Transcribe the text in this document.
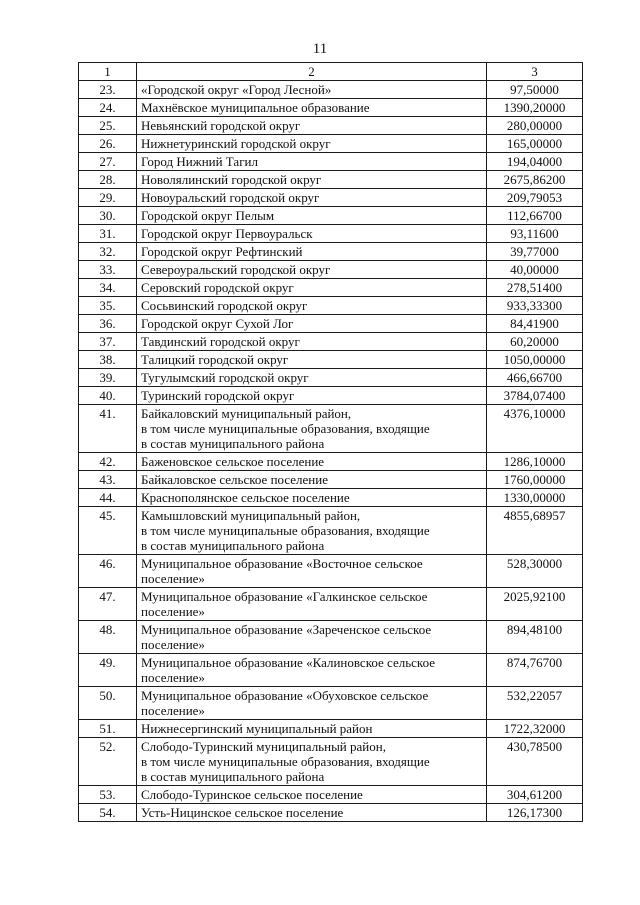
11
1	2	3
23.	«Городской округ «Город Лесной»	97,50000
24.	Махнёвское муниципальное образование	1390,20000
25.	Невьянский городской округ	280,00000
26.	Нижнетуринский городской округ	165,00000
27.	Город Нижний Тагил	194,04000
28.	Новолялинский городской округ	2675,86200
29.	Новоуральский городской округ	209,79053
30.	Городской округ Пелым	112,66700
31.	Городской округ Первоуральск	93,11600
32.	Городской округ Рефтинский	39,77000
33.	Североуральский городской округ	40,00000
34.	Серовский городской округ	278,51400
35.	Сосьвинский городской округ	933,33300
36.	Городской округ Сухой Лог	84,41900
37.	Тавдинский городской округ	60,20000
38.	Талицкий городской округ	1050,00000
39.	Тугулымский городской округ	466,66700
40.	Туринский городской округ	3784,07400
41.	Байкаловский муниципальный район,
в том числе муниципальные образования, входящие
в состав муниципального района	4376,10000
42.	Баженовское сельское поселение	1286,10000
43.	Байкаловское сельское поселение	1760,00000
44.	Краснополянское сельское поселение	1330,00000
45.	Камышловский муниципальный район,
в том числе муниципальные образования, входящие
в состав муниципального района	4855,68957
46.	Муниципальное образование «Восточное сельское
поселение»	528,30000
47.	Муниципальное образование «Галкинское сельское
поселение»	2025,92100
48.	Муниципальное образование «Зареченское сельское
поселение»	894,48100
49.	Муниципальное образование «Калиновское сельское
поселение»	874,76700
50.	Муниципальное образование «Обуховское сельское
поселение»	532,22057
51.	Нижнесергинский муниципальный район	1722,32000
52.	Слободо-Туринский муниципальный район,
в том числе муниципальные образования, входящие
в состав муниципального района	430,78500
53.	Слободо-Туринское сельское поселение	304,61200
54.	Усть-Ницинское сельское поселение	126,17300
